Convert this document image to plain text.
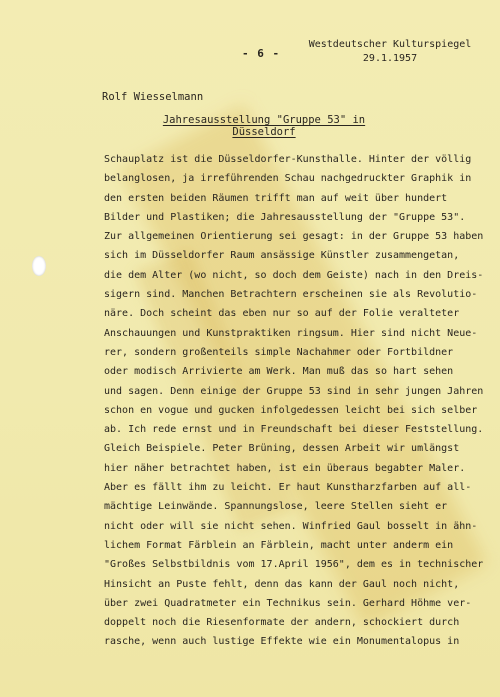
- 6 -
Westdeutscher Kulturspiegel
29.1.1957
Rolf Wiesselmann
Jahresausstellung "Gruppe 53" in Düsseldorf
Schauplatz ist die Düsseldorfer-Kunsthalle. Hinter der völlig
belanglosen, ja irreführenden Schau nachgedruckter Graphik in
den ersten beiden Räumen trifft man auf weit über hundert
Bilder und Plastiken; die Jahresausstellung der "Gruppe 53".
Zur allgemeinen Orientierung sei gesagt: in der Gruppe 53 haben
sich im Düsseldorfer Raum ansässige Künstler zusammengetan,
die dem Alter (wo nicht, so doch dem Geiste) nach in den Dreis-
sigern sind. Manchen Betrachtern erscheinen sie als Revolutio-
näre. Doch scheint das eben nur so auf der Folie veralteter
Anschauungen und Kunstpraktiken ringsum. Hier sind nicht Neue-
rer, sondern großenteils simple Nachahmer oder Fortbildner
oder modisch Arrivierte am Werk. Man muß das so hart sehen
und sagen. Denn einige der Gruppe 53 sind in sehr jungen Jahren
schon en vogue und gucken infolgedessen leicht bei sich selber
ab. Ich rede ernst und in Freundschaft bei dieser Feststellung.
Gleich Beispiele. Peter Brüning, dessen Arbeit wir umlängst
hier näher betrachtet haben, ist ein überaus begabter Maler.
Aber es fällt ihm zu leicht. Er haut Kunstharzfarben auf all-
mächtige Leinwände. Spannungslose, leere Stellen sieht er
nicht oder will sie nicht sehen. Winfried Gaul bosselt in ähn-
lichem Format Färblein an Färblein, macht unter anderm ein
"Großes Selbstbildnis vom 17.April 1956", dem es in technischer
Hinsicht an Puste fehlt, denn das kann der Gaul noch nicht,
über zwei Quadratmeter ein Technikus sein. Gerhard Höhme ver-
doppelt noch die Riesenformate der andern, schockiert durch
rasche, wenn auch lustige Effekte wie ein Monumentalopus in
